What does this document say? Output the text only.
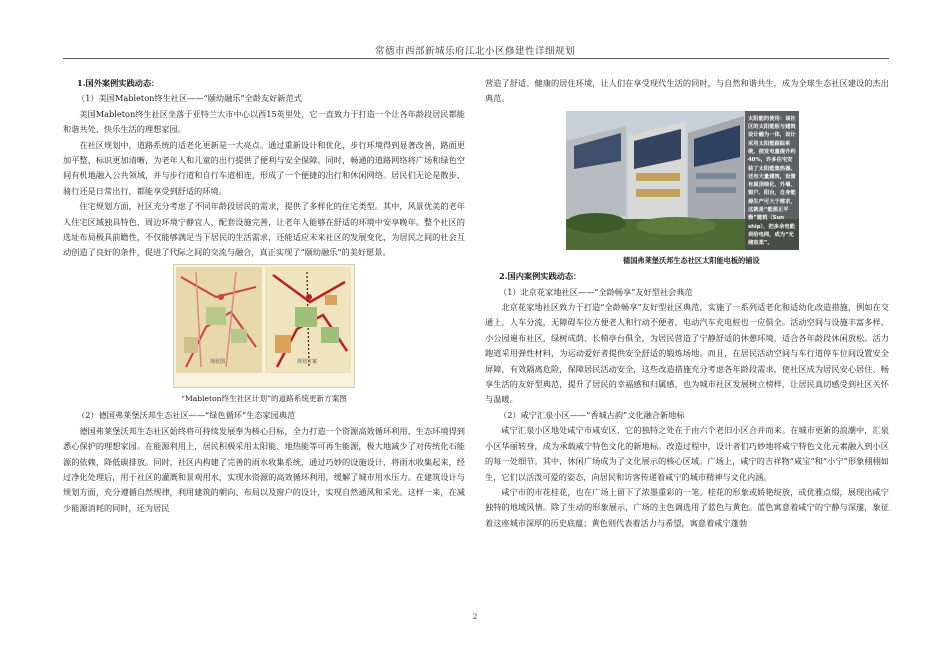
常德市西部新城乐府江北小区修建性详细规划

1.国外案例实践动态：

（1）美国Mableton终生社区——“颐幼融乐”全龄友好新范式

美国Mableton终生社区坐落于亚特兰大市中心以西15英里处，它一直致力于打造一个让各年龄段居民都能和谐共处、快乐生活的理想家园。

在社区规划中，道路系统的适老化更新是一大亮点。通过重新设计和优化，步行环境得到显著改善，路面更加平整、标识更加清晰，为老年人和儿童的出行提供了便利与安全保障。同时，畅通的道路网络将广场和绿色空间有机地融入公共领域，并与步行道和自行车道相连，形成了一个便捷的出行和休闲网络。居民们无论是散步、骑行还是日常出行，都能享受到舒适的环境。

住宅规划方面，社区充分考虑了不同年龄段居民的需求，提供了多样化的住宅类型。其中，风景优美的老年人住宅区域独具特色，周边环境宁静宜人，配套设施完善，让老年人能够在舒适的环境中安享晚年。整个社区的选址布局极具前瞻性，不仅能够满足当下居民的生活需求，还能适应未来社区的发展变化，为居民之间的社会互动创造了良好的条件，促进了代际之间的交流与融合，真正实现了“颐幼融乐”的美好愿景。

现状图	规划方案
“Mableton终生社区计划”的道路系统更新方案图

（2）德国弗莱堡沃邦生态社区——“绿色循环”生态家园典范

德国弗莱堡沃邦生态社区始终将可持续发展奉为核心目标，全力打造一个资源高效循环利用、生态环境得到悉心保护的理想家园。在能源利用上，居民积极采用太阳能、地热能等可再生能源，极大地减少了对传统化石能源的依赖，降低碳排放。同时，社区内构建了完善的雨水收集系统，通过巧妙的设施设计，将雨水收集起来，经过净化处理后，用于社区的灌溉和景观用水，实现水资源的高效循环利用，缓解了城市用水压力。在建筑设计与规划方面，充分遵循自然规律，利用建筑的朝向、布局以及窗户的设计，实现自然通风和采光。这样一来，在减少能源消耗的同时，还为居民

营造了舒适、健康的居住环境，让人们在享受现代生活的同时，与自然和谐共生，成为全球生态社区建设的杰出典范。

太阳能的使用：该社区的太阳能板与建筑设计融为一体，设计采用太阳能跟踪系统，使发电量提升约40%，许多住宅安装了太阳能集热器。还有大量建筑，设置有屋顶绿化、外墙、窗户、阳台，自身能源生产可大于需求，这就是“能源正平衡”建筑（Sun ship），把多余电能卖给电网，成为“光储直柔”。
德国弗莱堡沃邦生态社区太阳能电板的铺设

2.国内案例实践动态：

（1）北京花家地社区——“全龄畅享”友好型社会典范

北京花家地社区致力于打造“全龄畅享”友好型社区典范，实施了一系列适老化和适幼化改造措施，例如在交通上，人车分流，无障碍车位方便老人和行动不便者，电动汽车充电桩也一应俱全。活动空间与设施丰富多样，小公园遍布社区，绿树成荫、长椅亭台俱全，为居民营造了宁静舒适的休憩环境，适合各年龄段休闲放松。活力跑道采用弹性材料，为运动爱好者提供安全舒适的锻炼场地。而且，在居民活动空间与车行道停车位间设置安全屏障，有效隔离危险，保障居民活动安全，这些改造措施充分考虑各年龄段需求，使社区成为居民安心居住、畅享生活的友好型典范，提升了居民的幸福感和归属感，也为城市社区发展树立榜样，让居民真切感受到社区关怀与温暖。

（2）咸宁汇泉小区——“香城古韵”文化融合新地标

咸宁汇泉小区地处咸宁市咸安区，它的独特之处在于由六个老旧小区合并而来。在城市更新的浪潮中，汇泉小区华丽转身，成为承载咸宁特色文化的新地标。改造过程中，设计者们巧妙地将咸宁特色文化元素融入到小区的每一处细节。其中，休闲广场成为了文化展示的核心区域。广场上，咸宁的吉祥物“咸宝”和“小宁”形象栩栩如生，它们以活泼可爱的姿态，向居民和访客传递着咸宁的城市精神与文化内涵。

咸宁市的市花桂花，也在广场上留下了浓墨重彩的一笔。桂花的形象或娇艳绽放，或优雅点缀，展现出咸宁独特的地域风情。除了生动的形象展示，广场的主色调选用了蓝色与黄色。蓝色寓意着咸宁的宁静与深邃，象征着这座城市深厚的历史底蕴；黄色则代表着活力与希望，寓意着咸宁蓬勃

2
